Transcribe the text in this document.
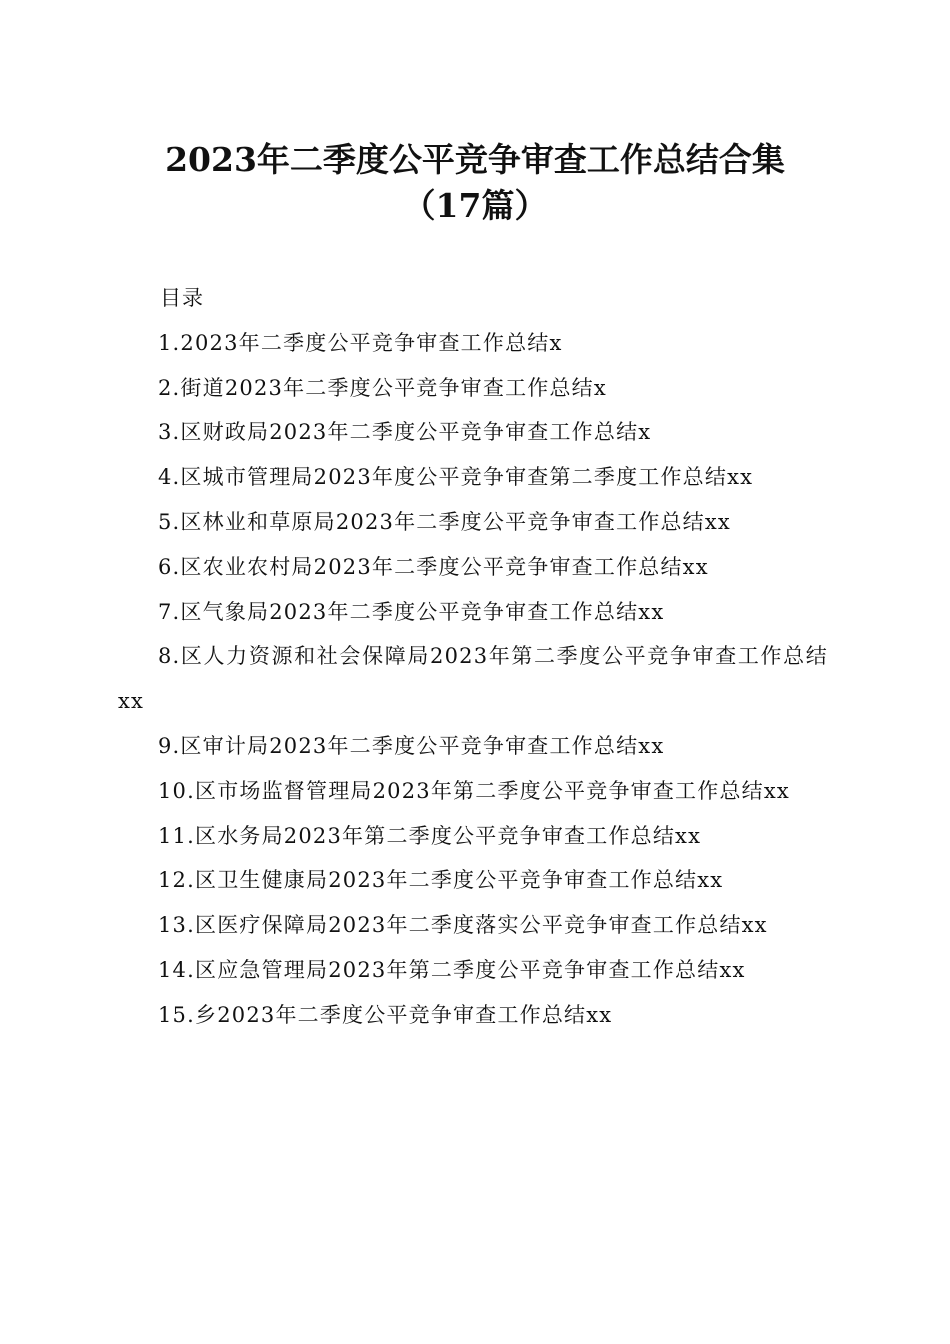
2023年二季度公平竞争审查工作总结合集
（17篇）
目录
1.2023年二季度公平竞争审查工作总结x
2.街道2023年二季度公平竞争审查工作总结x
3.区财政局2023年二季度公平竞争审查工作总结x
4.区城市管理局2023年度公平竞争审查第二季度工作总结xx
5.区林业和草原局2023年二季度公平竞争审查工作总结xx
6.区农业农村局2023年二季度公平竞争审查工作总结xx
7.区气象局2023年二季度公平竞争审查工作总结xx
8.区人力资源和社会保障局2023年第二季度公平竞争审查工作总结xx
9.区审计局2023年二季度公平竞争审查工作总结xx
10.区市场监督管理局2023年第二季度公平竞争审查工作总结xx
11.区水务局2023年第二季度公平竞争审查工作总结xx
12.区卫生健康局2023年二季度公平竞争审查工作总结xx
13.区医疗保障局2023年二季度落实公平竞争审查工作总结xx
14.区应急管理局2023年第二季度公平竞争审查工作总结xx
15.乡2023年二季度公平竞争审查工作总结xx
